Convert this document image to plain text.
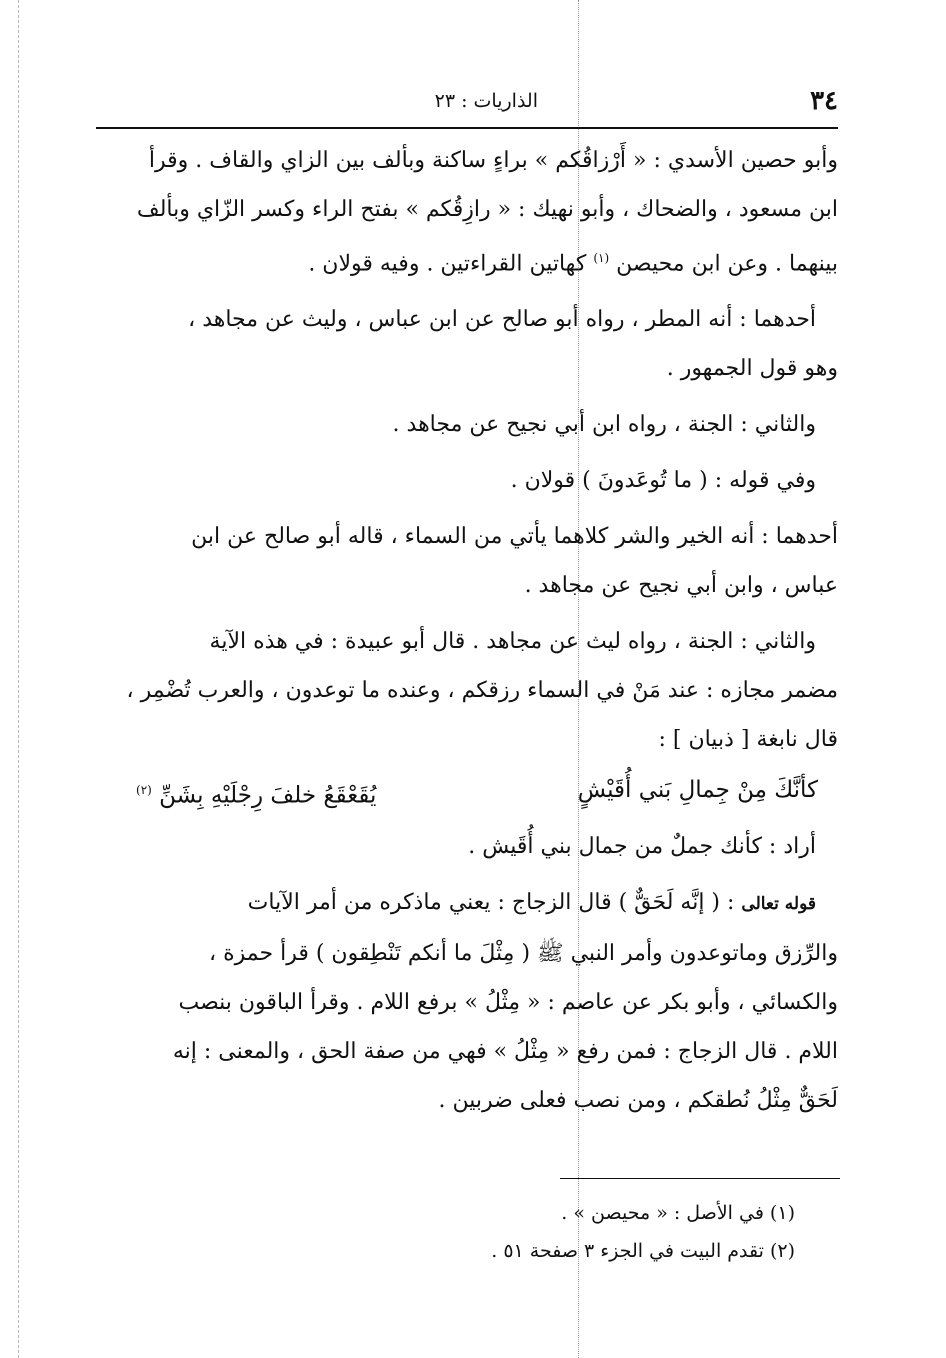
٣٤
الذاريات : ٢٣

وأبو حصين الأسدي : « أَرْزاقُكم » براءٍ ساكنة وبألف بين الزاي والقاف . وقرأ

ابن مسعود ، والضحاك ، وأبو نهيك : « رازِقُكم » بفتح الراء وكسر الزّاي وبألف

بينهما . وعن ابن محيصن $^{(١)}$ كهاتين القراءتين . وفيه قولان .

أحدهما : أنه المطر ، رواه أبو صالح عن ابن عباس ، وليث عن مجاهد ،

وهو قول الجمهور .

والثاني : الجنة ، رواه ابن أبي نجيح عن مجاهد .

وفي قوله : ( ما تُوعَدونَ ) قولان .

أحدهما : أنه الخير والشر كلاهما يأتي من السماء ، قاله أبو صالح عن ابن

عباس ، وابن أبي نجيح عن مجاهد .

والثاني : الجنة ، رواه ليث عن مجاهد . قال أبو عبيدة : في هذه الآية

مضمر مجازه : عند مَنْ في السماء رزقكم ، وعنده ما توعدون ، والعرب تُضْمِر ،

قال نابغة [ ذبيان ] :

كأنَّكَ مِنْ جِمالِ بَني أُقَيْشٍ
يُقَعْقَعُ خلفَ رِجْلَيْهِ بِشَنِّ $^{(٢)}$

أراد : كأنك جملٌ من جمال بني أُقَيش .

قوله تعالى : ( إنَّه لَحَقٌّ ) قال الزجاج : يعني ماذكره من أمر الآيات

والرِّزق وماتوعدون وأمر النبي ﷺ ( مِثْلَ ما أنكم تَنْطِقون ) قرأ حمزة ،

والكسائي ، وأبو بكر عن عاصم : « مِثْلُ » برفع اللام . وقرأ الباقون بنصب

اللام . قال الزجاج : فمن رفع « مِثْلُ » فهي من صفة الحق ، والمعنى : إنه

لَحَقٌّ مِثْلُ نُطقكم ، ومن نصب فعلى ضربين .

(١) في الأصل : « محيصن » .

(٢) تقدم البيت في الجزء ٣ صفحة ٥١ .
